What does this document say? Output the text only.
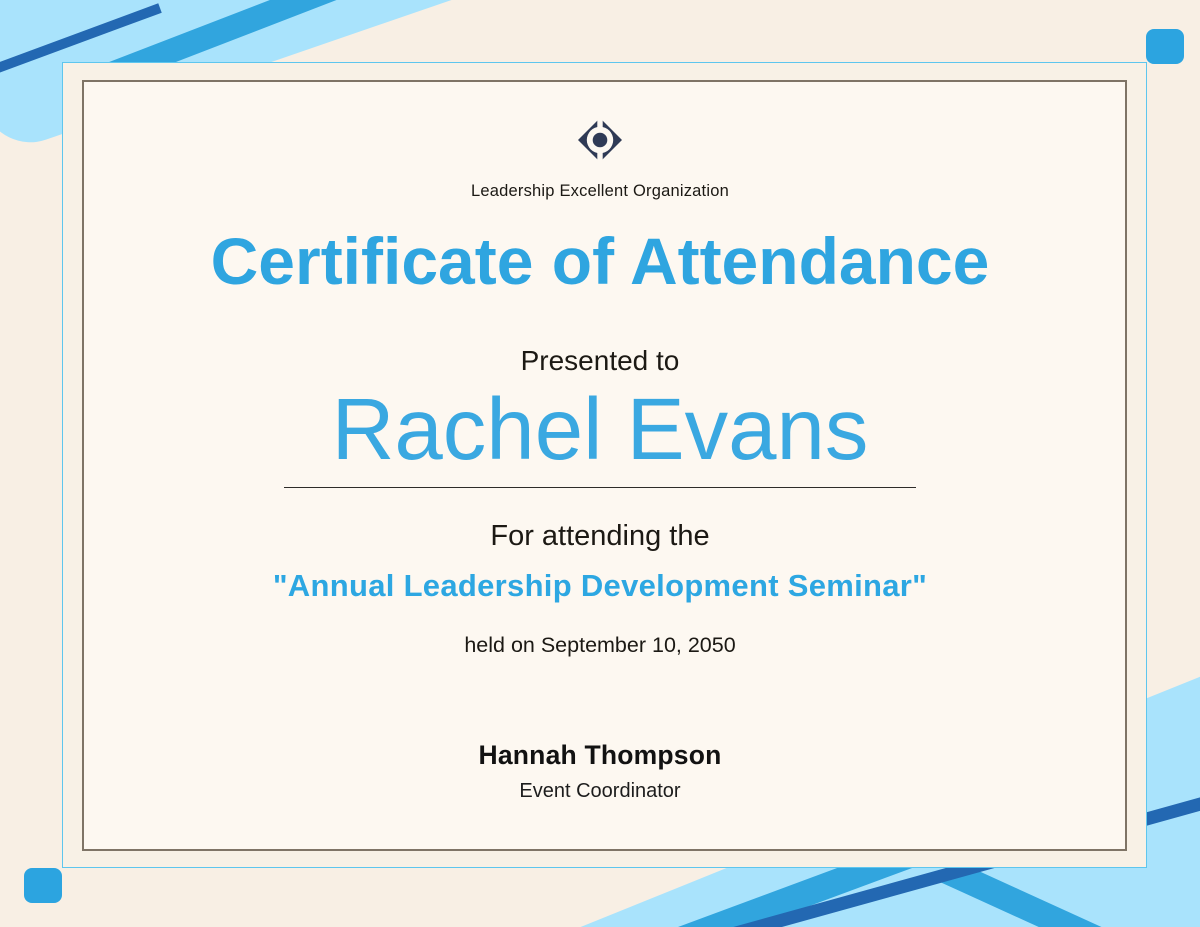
Leadership Excellent Organization
Certificate of Attendance
Presented to
Rachel Evans
For attending the
"Annual Leadership Development Seminar"
held on September 10, 2050
Hannah Thompson
Event Coordinator
